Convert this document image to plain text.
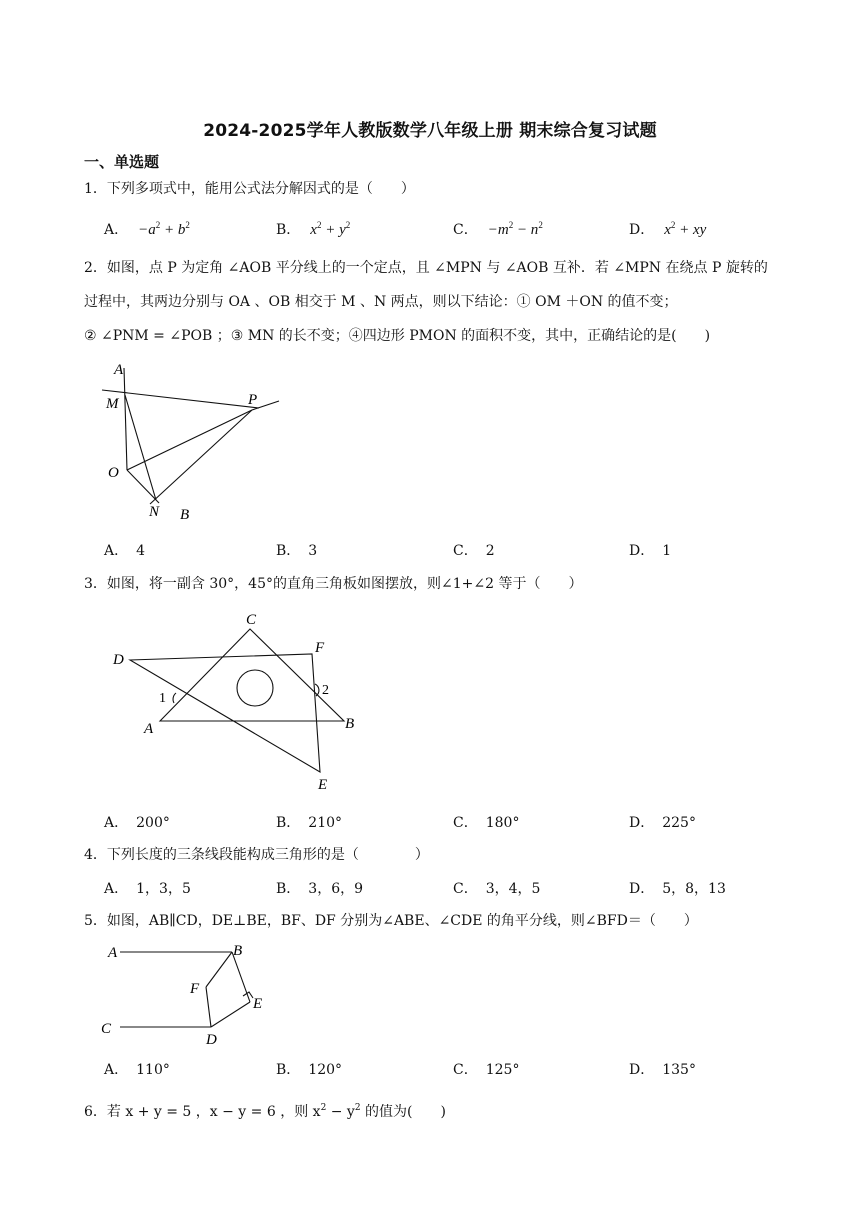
2024-2025学年人教版数学八年级上册 期末综合复习试题
一、单选题
1．下列多项式中，能用公式法分解因式的是（　　）
A． $-a^2 + b^2$	B． $x^2 + y^2$	C． $-m^2 - n^2$	D． $x^2$ + xy
2．如图，点 P 为定角 ∠AOB 平分线上的一个定点，且 ∠MPN 与 ∠AOB 互补．若 ∠MPN 在绕点 P 旋转的
过程中，其两边分别与 OA 、OB 相交于 M 、N 两点，则以下结论：① OM ＋ON 的值不变；
② ∠PNM = ∠POB ；③ MN 的长不变；④四边形 PMON 的面积不变，其中，正确结论的是(　　)
A
M	P
O
N B
A． 4	B． 3	C． 2	D． 1
3．如图，将一副含 30°，45°的直角三角板如图摆放，则∠1+∠2 等于（　　）
C
D
F
1
2
A	B
E
A． 200°	B． 210°	C． 180°	D． 225°
4．下列长度的三条线段能构成三角形的是（　　　　）
A． 1，3，5	B． 3，6，9	C． 3，4，5	D． 5，8，13
5．如图，AB∥CD，DE⊥BE，BF、DF 分别为∠ABE、∠CDE 的角平分线，则∠BFD＝（　　）
A	B
F
E
C
D
A． 110°	B． 120°	C． 125°	D． 135°
6．若 x + y = 5 ，x − y = 6 ，则 $x^2 - y^2$ 的值为(　　)
